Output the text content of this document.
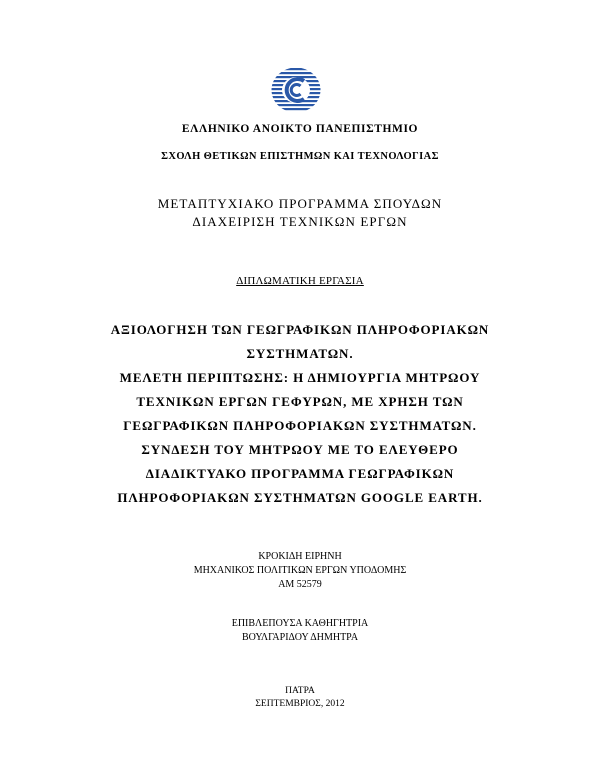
ΕΛΛΗΝΙΚΟ ΑΝΟΙΚΤΟ ΠΑΝΕΠΙΣΤΗΜΙΟ
ΣΧΟΛΗ ΘΕΤΙΚΩΝ ΕΠΙΣΤΗΜΩΝ ΚΑΙ ΤΕΧΝΟΛΟΓΙΑΣ
ΜΕΤΑΠΤΥΧΙΑΚΟ ΠΡΟΓΡΑΜΜΑ ΣΠΟΥΔΩΝ
ΔΙΑΧΕΙΡΙΣΗ ΤΕΧΝΙΚΩΝ ΕΡΓΩΝ
ΔΙΠΛΩΜΑΤΙΚΗ ΕΡΓΑΣΙΑ
ΑΞΙΟΛΟΓΗΣΗ ΤΩΝ ΓΕΩΓΡΑΦΙΚΩΝ ΠΛΗΡΟΦΟΡΙΑΚΩΝ
ΣΥΣΤΗΜΑΤΩΝ.
ΜΕΛΕΤΗ ΠΕΡΙΠΤΩΣΗΣ: Η ΔΗΜΙΟΥΡΓΙΑ ΜΗΤΡΩΟΥ
ΤΕΧΝΙΚΩΝ ΕΡΓΩΝ ΓΕΦΥΡΩΝ, ΜΕ ΧΡΗΣΗ ΤΩΝ
ΓΕΩΓΡΑΦΙΚΩΝ ΠΛΗΡΟΦΟΡΙΑΚΩΝ ΣΥΣΤΗΜΑΤΩΝ.
ΣΥΝΔΕΣΗ ΤΟΥ ΜΗΤΡΩΟΥ ΜΕ ΤΟ ΕΛΕΥΘΕΡΟ
ΔΙΑΔΙΚΤΥΑΚΟ ΠΡΟΓΡΑΜΜΑ ΓΕΩΓΡΑΦΙΚΩΝ
ΠΛΗΡΟΦΟΡΙΑΚΩΝ ΣΥΣΤΗΜΑΤΩΝ GOOGLE EARTH.
ΚΡΟΚΙΔΗ ΕΙΡΗΝΗ
ΜΗΧΑΝΙΚΟΣ ΠΟΛΙΤΙΚΩΝ ΕΡΓΩΝ ΥΠΟΔΟΜΗΣ
ΑΜ 52579
ΕΠΙΒΛΕΠΟΥΣΑ ΚΑΘΗΓΗΤΡΙΑ
ΒΟΥΛΓΑΡΙΔΟΥ ΔΗΜΗΤΡΑ
ΠΑΤΡΑ
ΣΕΠΤΕΜΒΡΙΟΣ, 2012
